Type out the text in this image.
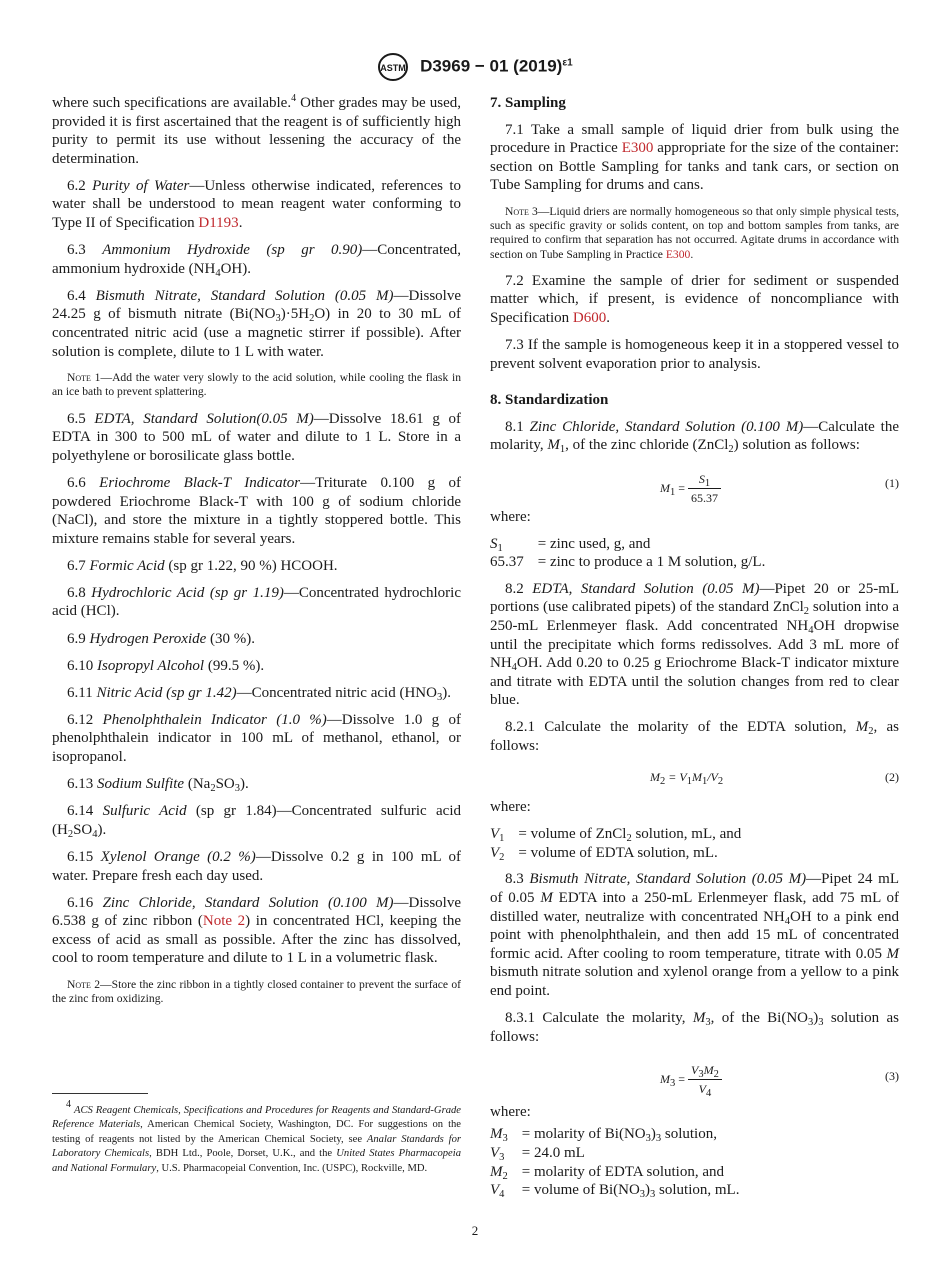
ASTM D3969 − 01 $(2019)^{\varepsilon 1}$

where such specifications are available.$^4$ Other grades may be used, provided it is first ascertained that the reagent is of sufficiently high purity to permit its use without lessening the accuracy of the determination.

6.2 Purity of Water—Unless otherwise indicated, references to water shall be understood to mean reagent water conforming to Type II of Specification D1193.

6.3 Ammonium Hydroxide (sp gr 0.90)—Concentrated, ammonium hydroxide $(NH_4OH)$.

6.4 Bismuth Nitrate, Standard Solution (0.05 M)—Dissolve 24.25 g of bismuth nitrate $(Bi(NO_3)\cdot 5H_2O)$ in 20 to 30 mL of concentrated nitric acid (use a magnetic stirrer if possible). After solution is complete, dilute to 1 L with water.

Note 1—Add the water very slowly to the acid solution, while cooling the flask in an ice bath to prevent splattering.

6.5 EDTA, Standard Solution(0.05 M)—Dissolve 18.61 g of EDTA in 300 to 500 mL of water and dilute to 1 L. Store in a polyethylene or borosilicate glass bottle.

6.6 Eriochrome Black-T Indicator—Triturate 0.100 g of powdered Eriochrome Black-T with 100 g of sodium chloride (NaCl), and store the mixture in a tightly stoppered bottle. This mixture remains stable for several years.

6.7 Formic Acid (sp gr 1.22, 90 %) HCOOH.

6.8 Hydrochloric Acid (sp gr 1.19)—Concentrated hydrochloric acid (HCl).

6.9 Hydrogen Peroxide (30 %).

6.10 Isopropyl Alcohol (99.5 %).

6.11 Nitric Acid (sp gr 1.42)—Concentrated nitric acid $(HNO_3)$.

6.12 Phenolphthalein Indicator (1.0 %)—Dissolve 1.0 g of phenolphthalein indicator in 100 mL of methanol, ethanol, or isopropanol.

6.13 Sodium Sulfite $(Na_2SO_3)$.

6.14 Sulfuric Acid (sp gr 1.84)—Concentrated sulfuric acid $(H_2SO_4)$.

6.15 Xylenol Orange (0.2 %)—Dissolve 0.2 g in 100 mL of water. Prepare fresh each day used.

6.16 Zinc Chloride, Standard Solution (0.100 M)—Dissolve 6.538 g of zinc ribbon (Note 2) in concentrated HCl, keeping the excess of acid as small as possible. After the zinc has dissolved, cool to room temperature and dilute to 1 L in a volumetric flask.

Note 2—Store the zinc ribbon in a tightly closed container to prevent the surface of the zinc from oxidizing.

$^4$ ACS Reagent Chemicals, Specifications and Procedures for Reagents and Standard-Grade Reference Materials, American Chemical Society, Washington, DC. For suggestions on the testing of reagents not listed by the American Chemical Society, see Analar Standards for Laboratory Chemicals, BDH Ltd., Poole, Dorset, U.K., and the United States Pharmacopeia and National Formulary, U.S. Pharmacopeial Convention, Inc. (USPC), Rockville, MD.
7. Sampling

7.1 Take a small sample of liquid drier from bulk using the procedure in Practice E300 appropriate for the size of the container: section on Bottle Sampling for tanks and tank cars, or section on Tube Sampling for drums and cans.

Note 3—Liquid driers are normally homogeneous so that only simple physical tests, such as specific gravity or solids content, on top and bottom samples from tanks, are required to confirm that separation has not occurred. Agitate drums in accordance with section on Tube Sampling in Practice E300.

7.2 Examine the sample of drier for sediment or suspended matter which, if present, is evidence of noncompliance with Specification D600.

7.3 If the sample is homogeneous keep it in a stoppered vessel to prevent solvent evaporation prior to analysis.

8. Standardization

8.1 Zinc Chloride, Standard Solution (0.100 M)—Calculate the molarity, $M_1$, of the zinc chloride (ZnCl$_2$) solution as follows:

$M_1 = \frac{S_1}{65.37}$	(1)

where:

$S_1$	= zinc used, g, and
65.37	= zinc to produce a 1 M solution, g/L.

8.2 EDTA, Standard Solution (0.05 M)—Pipet 20 or 25-mL portions (use calibrated pipets) of the standard ZnCl$_2$ solution into a 250-mL Erlenmeyer flask. Add concentrated $NH_4OH$ dropwise until the precipitate which forms redissolves. Add 3 mL more of $NH_4OH$. Add 0.20 to 0.25 g Eriochrome Black-T indicator mixture and titrate with EDTA until the solution changes from red to clear blue.

8.2.1 Calculate the molarity of the EDTA solution, $M_2$, as follows:

$M_2 = V_1M_1/V_2$	(2)

where:

$V_1$	= volume of ZnCl$_2$ solution, mL, and
$V_2$	= volume of EDTA solution, mL.

8.3 Bismuth Nitrate, Standard Solution (0.05 M)—Pipet 24 mL of 0.05 M EDTA into a 250-mL Erlenmeyer flask, add 75 mL of distilled water, neutralize with concentrated $NH_4OH$ to a pink end point with phenolphthalein, and then add 15 mL of concentrated formic acid. After cooling to room temperature, titrate with 0.05 M bismuth nitrate solution and xylenol orange from a yellow to a pink end point.

8.3.1 Calculate the molarity, $M_3$, of the $Bi(NO_3)_3$ solution as follows:

$M_3 = \frac{V_3M_2}{V_4}$	(3)

where:

$M_3$	= molarity of $Bi(NO_3)_3$ solution,
$V_3$	= 24.0 mL
$M_2$	= molarity of EDTA solution, and
$V_4$	= volume of $Bi(NO_3)_3$ solution, mL.
2
